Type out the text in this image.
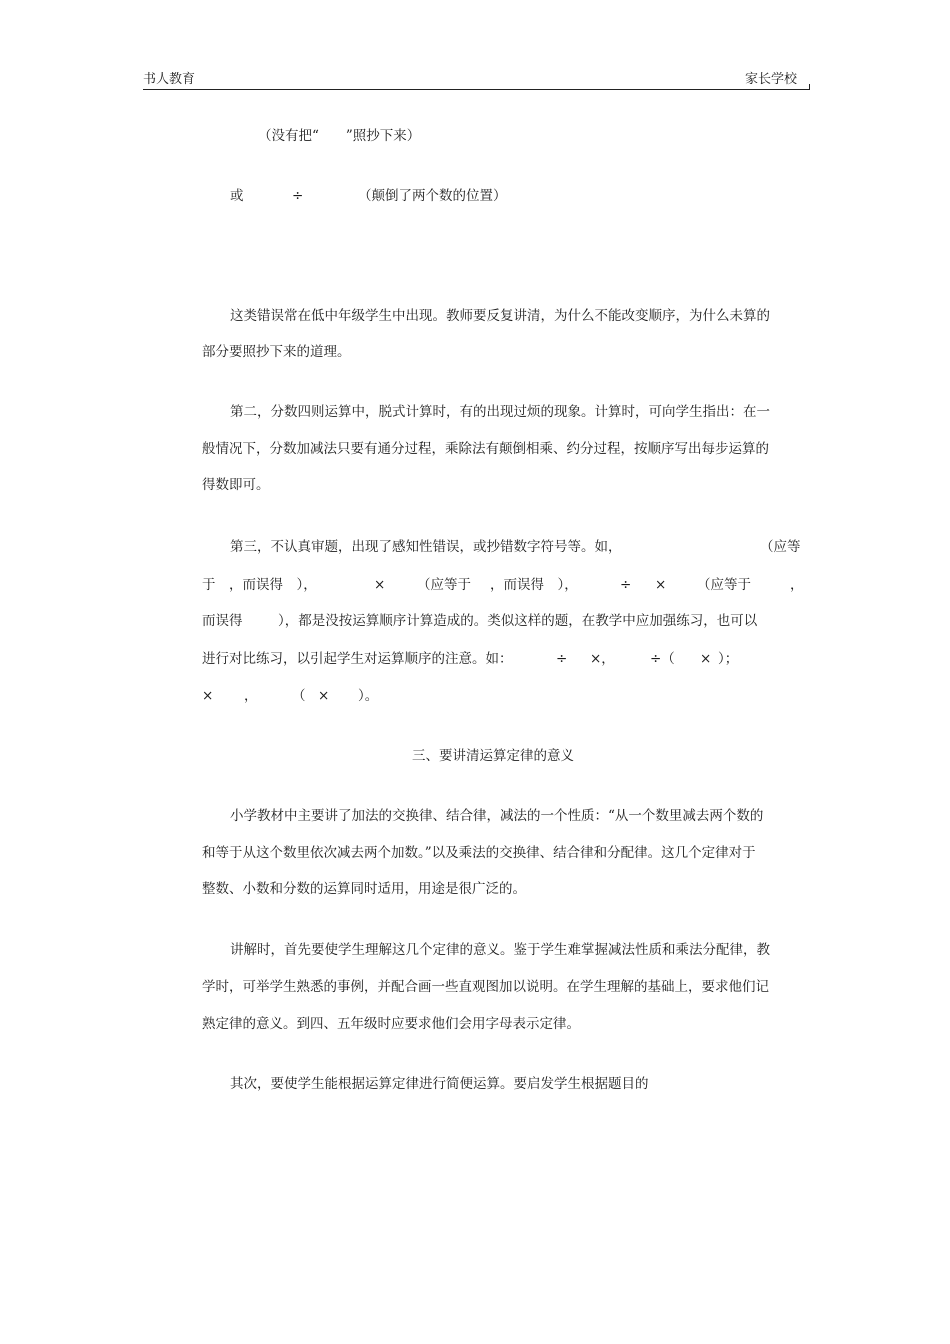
书人教育	家长学校
（没有把“　　”照抄下来）
或	÷	（颠倒了两个数的位置）
这类错误常在低中年级学生中出现。教师要反复讲清，为什么不能改变顺序，为什么未算的
部分要照抄下来的道理。
第二，分数四则运算中，脱式计算时，有的出现过烦的现象。计算时，可向学生指出：在一
般情况下，分数加减法只要有通分过程，乘除法有颠倒相乘、约分过程，按顺序写出每步运算的
得数即可。
第三，不认真审题，出现了感知性错误，或抄错数字符号等。如，	（应等
于　，而误得　），	× （应等于 ，而误得　），	÷ × （应等于	，
而误得	），都是没按运算顺序计算造成的。类似这样的题，在教学中应加强练习，也可以
进行对比练习，以引起学生对运算顺序的注意。如：	÷ ×，	÷（ × ）；
× ，	（ × ）。
三、要讲清运算定律的意义
小学教材中主要讲了加法的交换律、结合律，减法的一个性质：“从一个数里减去两个数的
和等于从这个数里依次减去两个加数。”以及乘法的交换律、结合律和分配律。这几个定律对于
整数、小数和分数的运算同时适用，用途是很广泛的。
讲解时，首先要使学生理解这几个定律的意义。鉴于学生难掌握减法性质和乘法分配律，教
学时，可举学生熟悉的事例，并配合画一些直观图加以说明。在学生理解的基础上，要求他们记
熟定律的意义。到四、五年级时应要求他们会用字母表示定律。
其次，要使学生能根据运算定律进行简便运算。要启发学生根据题目的
